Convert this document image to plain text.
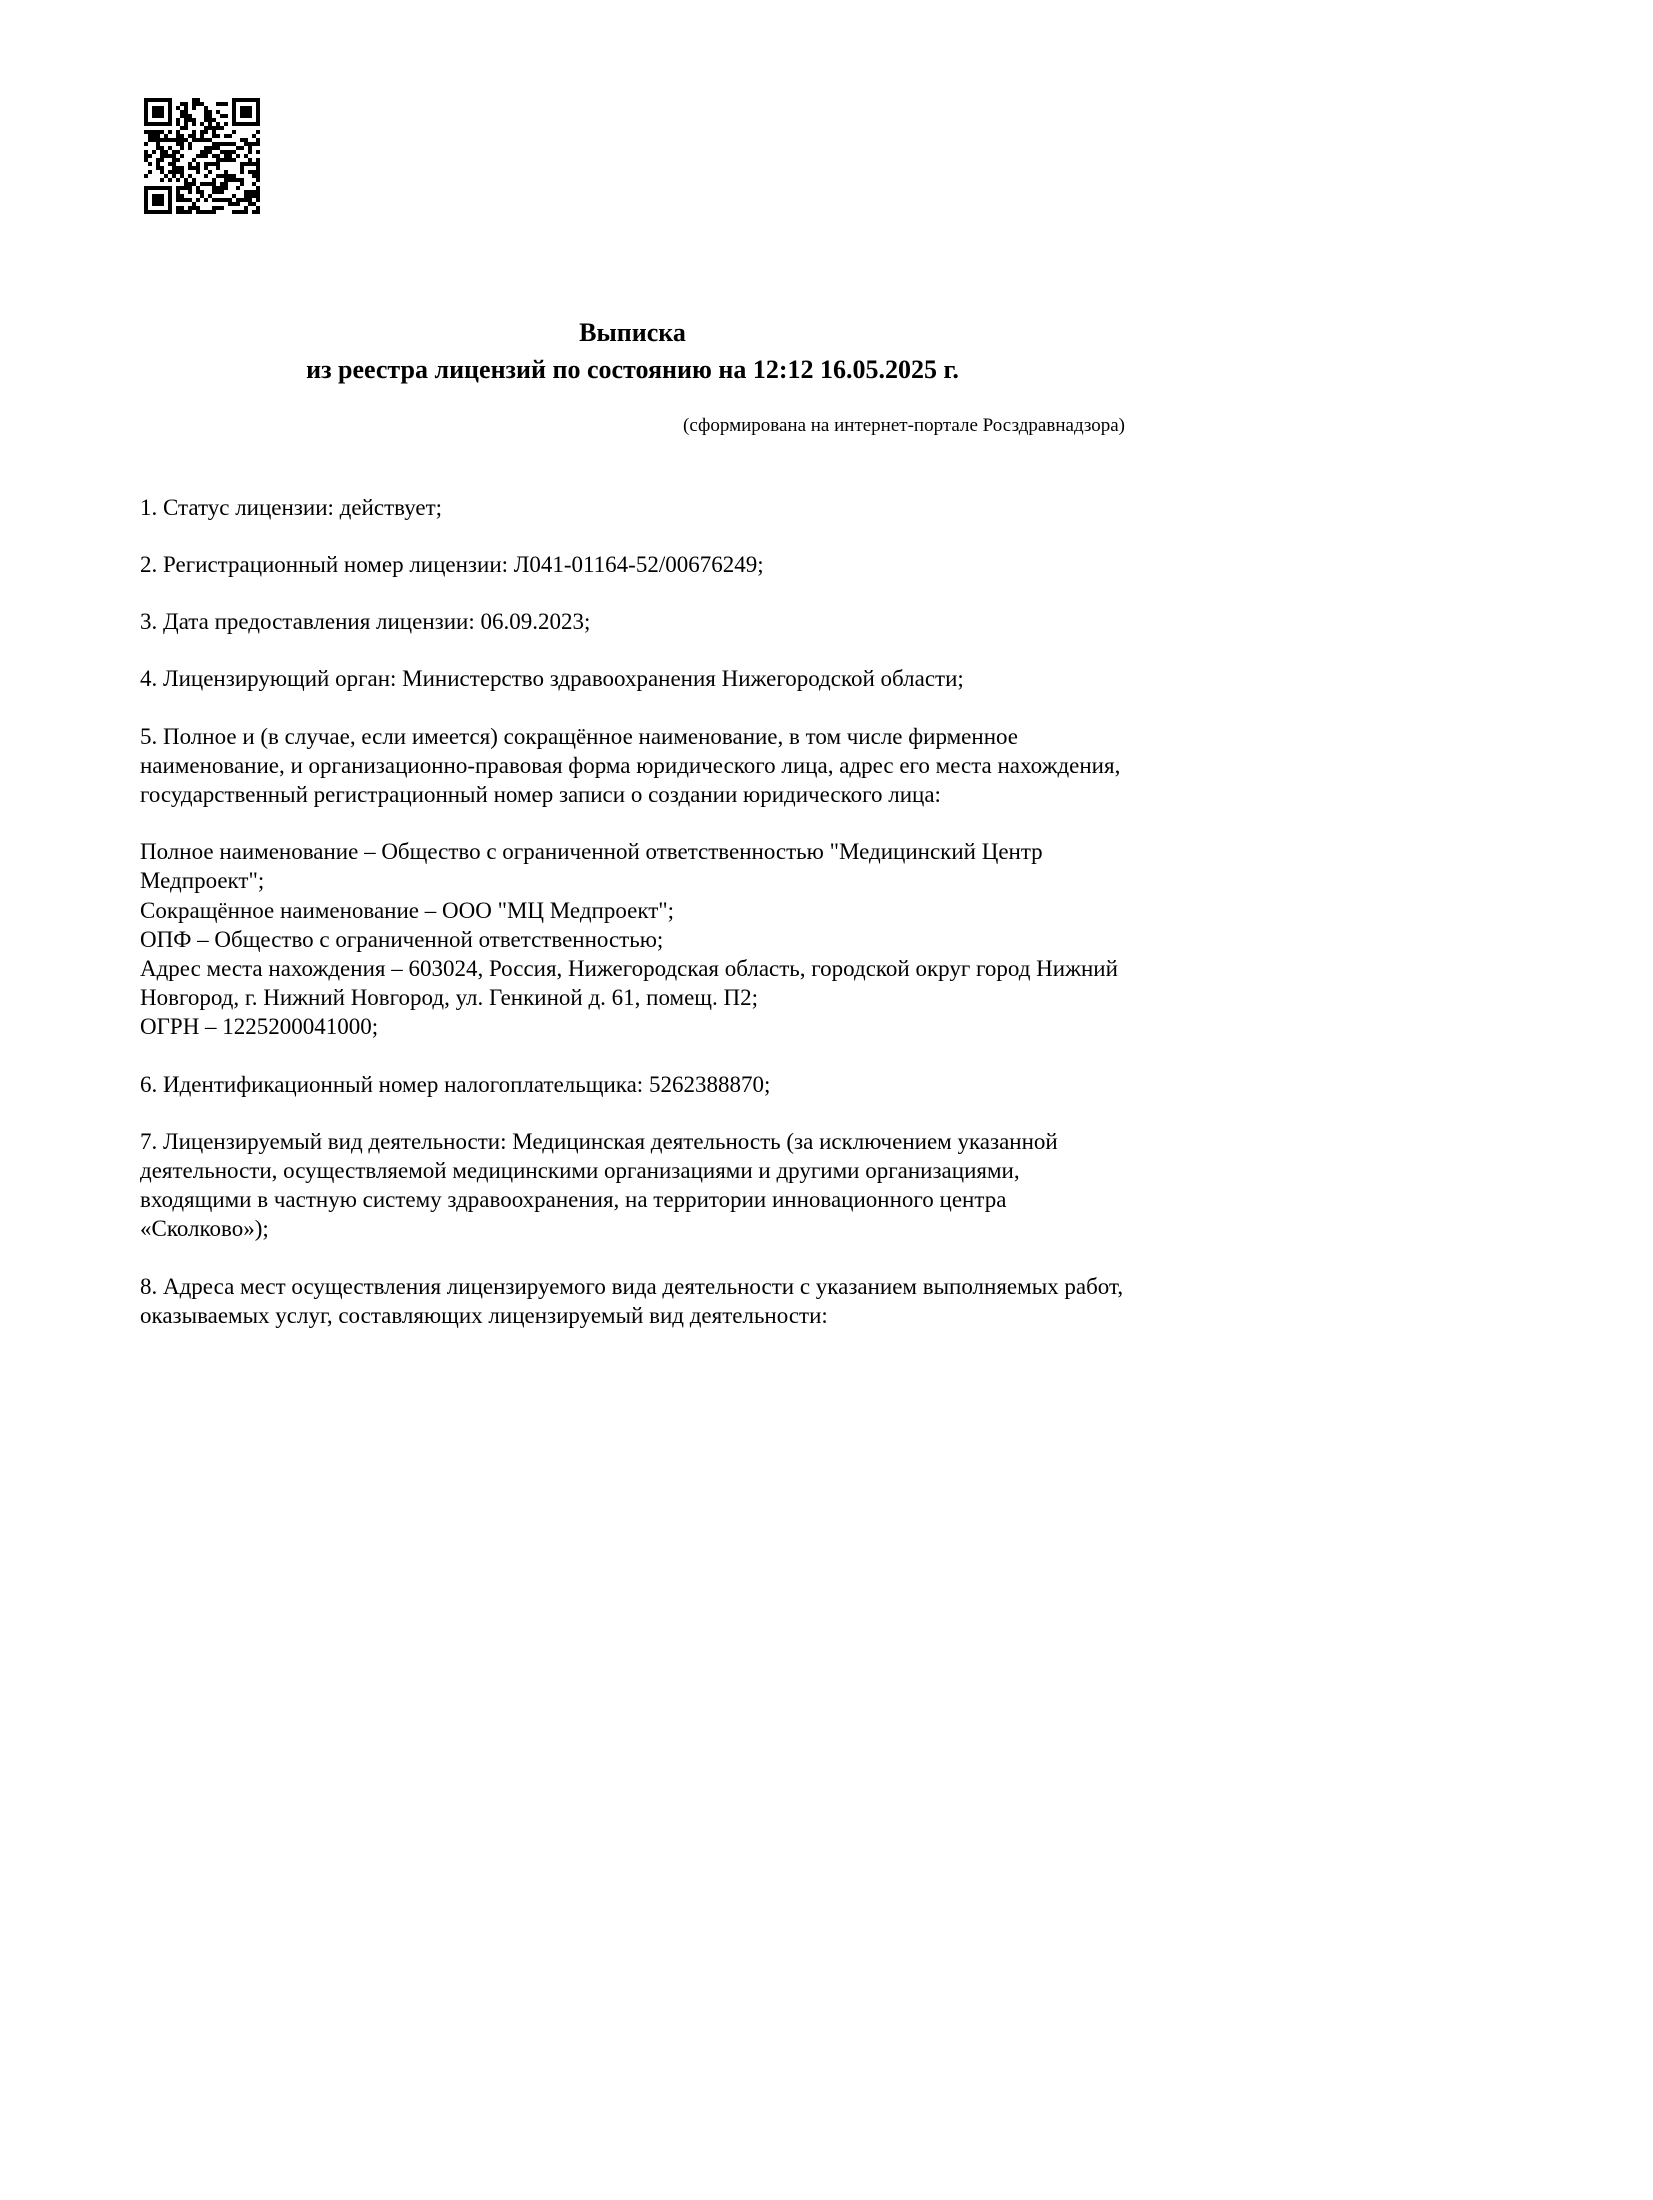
Выписка
из реестра лицензий по состоянию на 12:12 16.05.2025 г.
(сформирована на интернет-портале Росздравнадзора)

1. Статус лицензии: действует;

2. Регистрационный номер лицензии: Л041-01164-52/00676249;

3. Дата предоставления лицензии: 06.09.2023;

4. Лицензирующий орган: Министерство здравоохранения Нижегородской области;

5. Полное и (в случае, если имеется) сокращённое наименование, в том числе фирменное наименование, и организационно-правовая форма юридического лица, адрес его места нахождения, государственный регистрационный номер записи о создании юридического лица:

Полное наименование – Общество с ограниченной ответственностью "Медицинский Центр Медпроект";
Сокращённое наименование – ООО "МЦ Медпроект";
ОПФ – Общество с ограниченной ответственностью;
Адрес места нахождения – 603024, Россия, Нижегородская область, городской округ город Нижний Новгород, г. Нижний Новгород, ул. Генкиной д. 61, помещ. П2;
ОГРН – 1225200041000;

6. Идентификационный номер налогоплательщика: 5262388870;

7. Лицензируемый вид деятельности: Медицинская деятельность (за исключением указанной деятельности, осуществляемой медицинскими организациями и другими организациями, входящими в частную систему здравоохранения, на территории инновационного центра «Сколково»);

8. Адреса мест осуществления лицензируемого вида деятельности с указанием выполняемых работ, оказываемых услуг, составляющих лицензируемый вид деятельности:
